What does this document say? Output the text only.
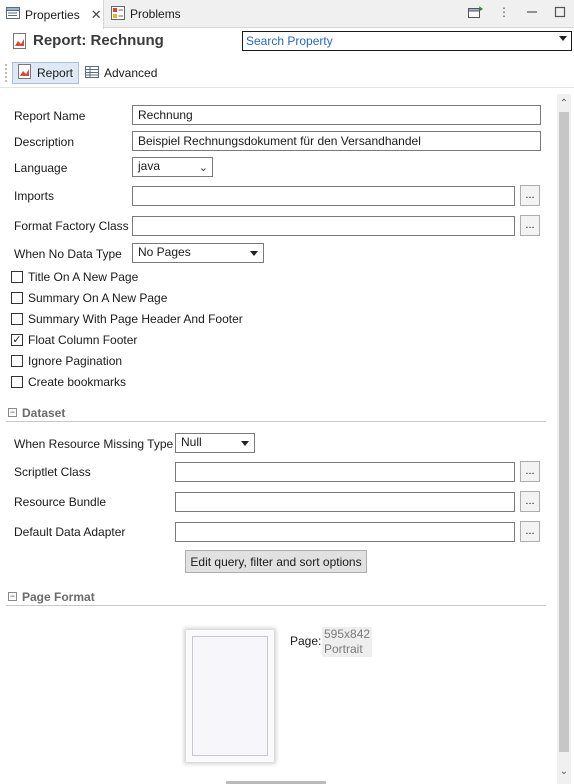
Properties ✕ Problems	⋮
Report: Rechnung	Search Property
Report	Advanced
⌃
⌄
Report Name	Rechnung
Description	Beispiel Rechnungsdokument für den Versandhandel
Language	java	⌄
Imports	...
Format Factory Class	...
When No Data Type	No Pages
Title On A New Page
Summary On A New Page
Summary With Page Header And Footer
✓ Float Column Footer
Ignore Pagination
Create bookmarks
− Dataset
When Resource Missing Type Null
Scriptlet Class	...
Resource Bundle	...
Default Data Adapter	...
Edit query, filter and sort options
− Page Format
Page: 595x842
Portrait
